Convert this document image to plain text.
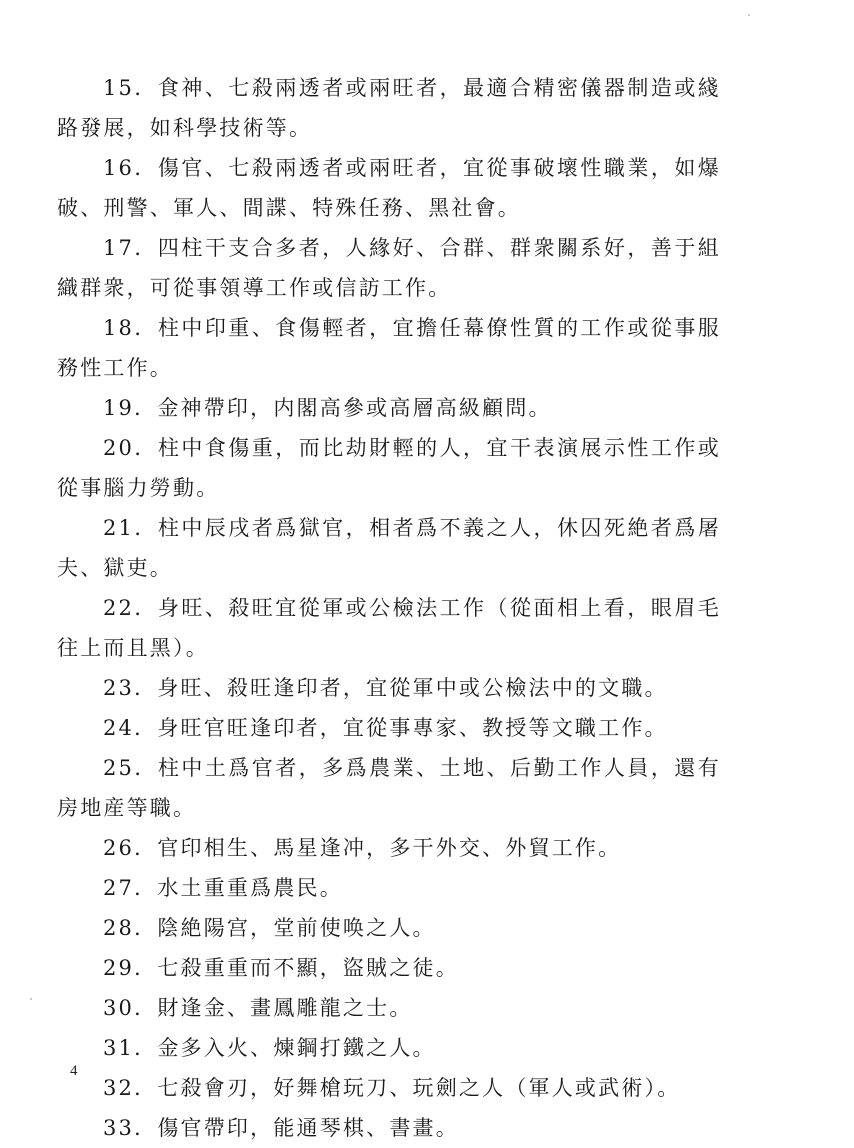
15．食神、七殺兩透者或兩旺者，最適合精密儀器制造或綫路發展，如科學技術等。

16．傷官、七殺兩透者或兩旺者，宜從事破壞性職業，如爆破、刑警、軍人、間諜、特殊任務、黑社會。

17．四柱干支合多者，人緣好、合群、群衆關系好，善于組織群衆，可從事領導工作或信訪工作。

18．柱中印重、食傷輕者，宜擔任幕僚性質的工作或從事服務性工作。

19．金神帶印，内閣高參或高層高級顧問。

20．柱中食傷重，而比劫財輕的人，宜干表演展示性工作或從事腦力勞動。

21．柱中辰戌者爲獄官，相者爲不義之人，休囚死絶者爲屠夫、獄吏。

22．身旺、殺旺宜從軍或公檢法工作（從面相上看，眼眉毛往上而且黑）。

23．身旺、殺旺逢印者，宜從軍中或公檢法中的文職。

24．身旺官旺逢印者，宜從事專家、教授等文職工作。

25．柱中土爲官者，多爲農業、土地、后勤工作人員，還有房地産等職。

26．官印相生、馬星逢冲，多干外交、外貿工作。

27．水土重重爲農民。

28．陰絶陽宫，堂前使唤之人。

29．七殺重重而不顯，盜賊之徒。

30．財逢金、畫鳳雕龍之士。

31．金多入火、煉鋼打鐵之人。

32．七殺會刃，好舞槍玩刀、玩劍之人（軍人或武術）。

33．傷官帶印，能通琴棋、書畫。

4
